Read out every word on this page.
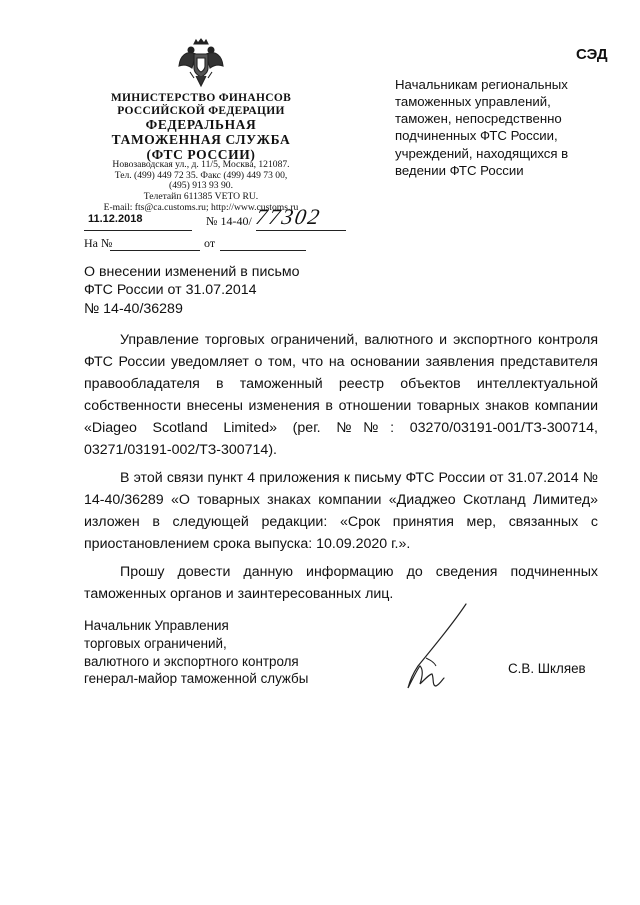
МИНИСТЕРСТВО ФИНАНСОВ
РОССИЙСКОЙ ФЕДЕРАЦИИ
ФЕДЕРАЛЬНАЯ
ТАМОЖЕННАЯ СЛУЖБА
(ФТС РОССИИ)
Новозаводская ул., д. 11/5, Москва, 121087.
Тел. (499) 449 72 35. Факс (499) 449 73 00,
(495) 913 93 90.
Телетайп 611385 VETO RU.
E-mail: fts@ca.customs.ru; http://www.customs.ru
11.12.2018	№ 14-40/ 77302
На №	от
СЭД
Начальникам региональных
таможенных управлений,
таможен, непосредственно
подчиненных ФТС России,
учреждений, находящихся в
ведении ФТС России
О внесении изменений в письмо
ФТС России от 31.07.2014
№ 14-40/36289

Управление торговых ограничений, валютного и экспортного контроля ФТС России уведомляет о том, что на основании заявления представителя правообладателя в таможенный реестр объектов интеллектуальной собственности внесены изменения в отношении товарных знаков компании «Diageo Scotland Limited» (рег. №№: 03270/03191-001/ТЗ-300714, 03271/03191-002/ТЗ-300714).

В этой связи пункт 4 приложения к письму ФТС России от 31.07.2014 № 14-40/36289 «О товарных знаках компании «Диаджео Скотланд Лимитед» изложен в следующей редакции: «Срок принятия мер, связанных с приостановлением срока выпуска: 10.09.2020 г.».

Прошу довести данную информацию до сведения подчиненных таможенных органов и заинтересованных лиц.

Начальник Управления
торговых ограничений,
валютного и экспортного контроля
генерал-майор таможенной службы
С.В. Шкляев
